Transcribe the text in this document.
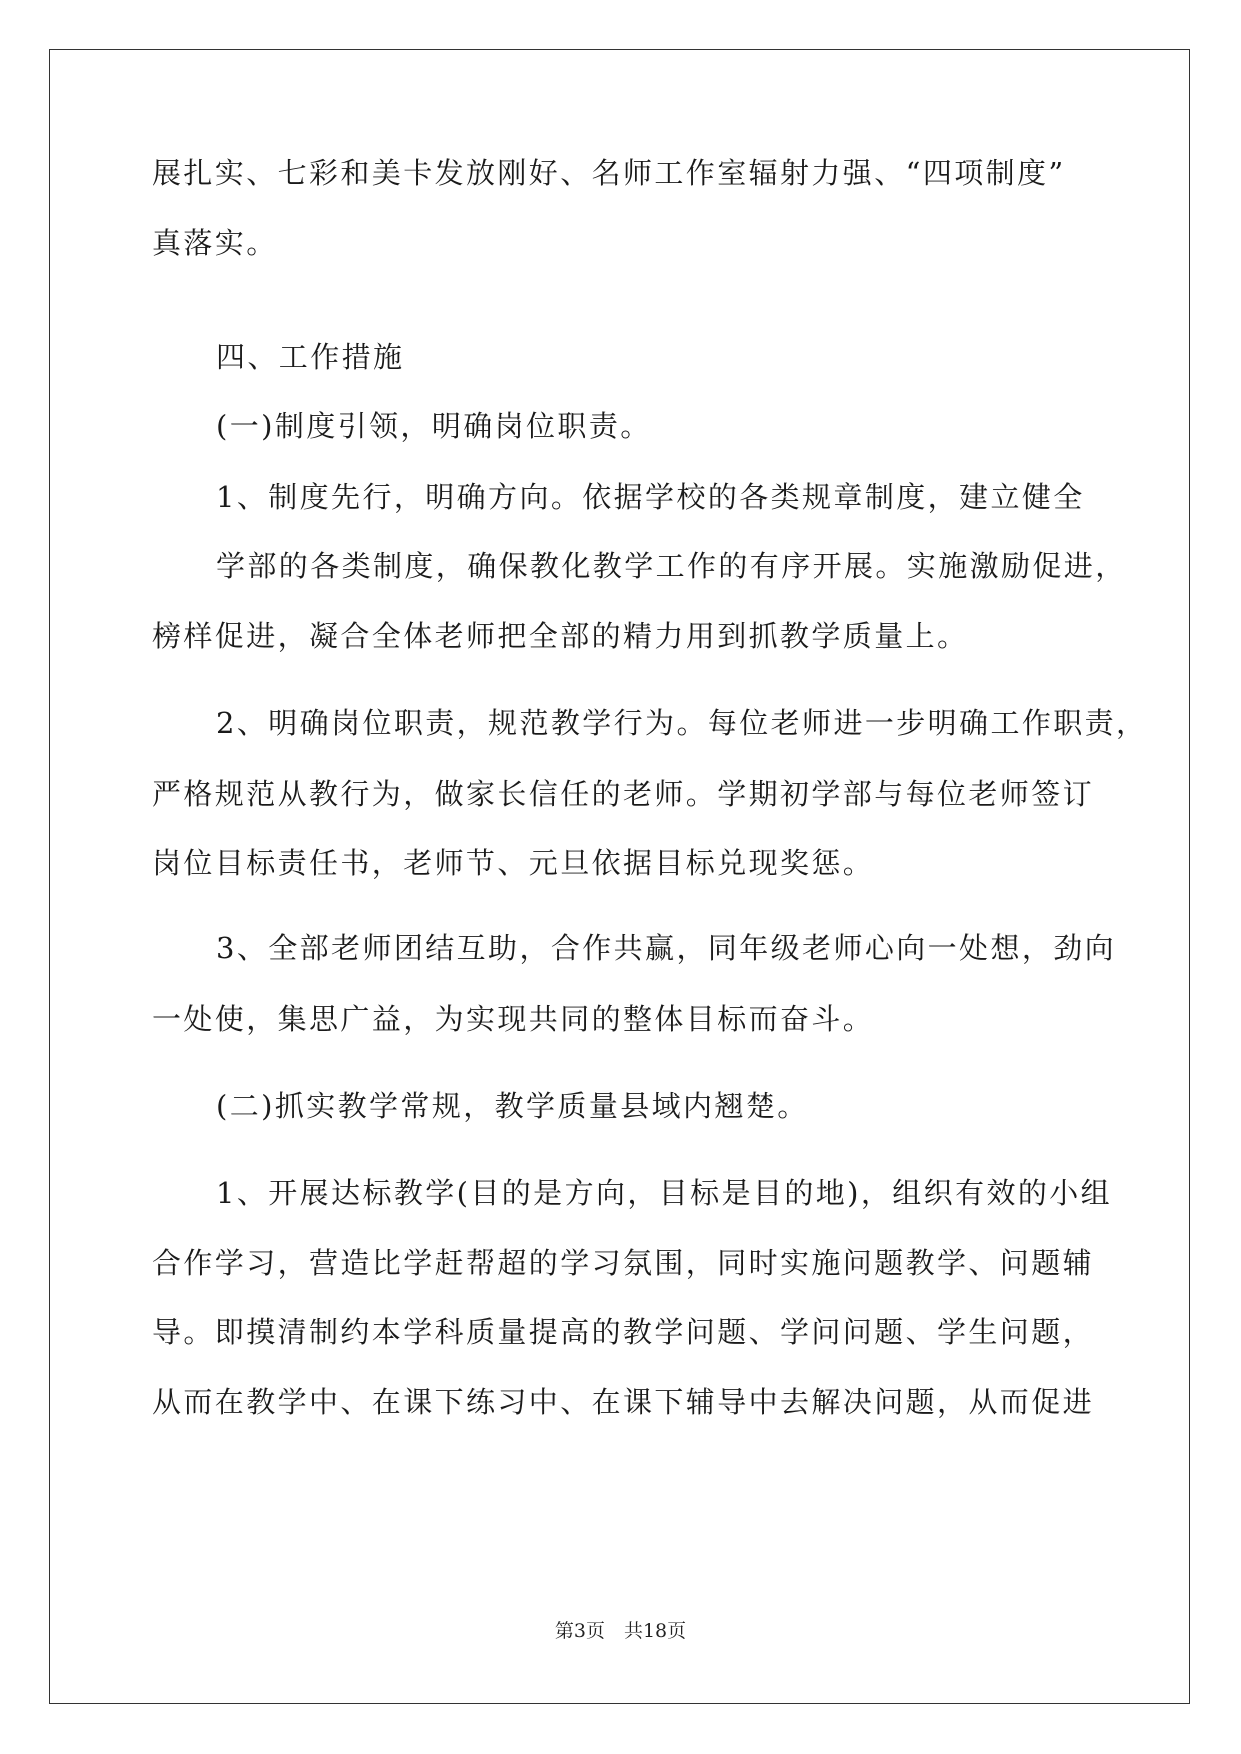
展扎实、七彩和美卡发放刚好、名师工作室辐射力强、“四项制度”
真落实。
四、工作措施
(一)制度引领，明确岗位职责。
1、制度先行，明确方向。依据学校的各类规章制度，建立健全
学部的各类制度，确保教化教学工作的有序开展。实施激励促进，
榜样促进，凝合全体老师把全部的精力用到抓教学质量上。
2、明确岗位职责，规范教学行为。每位老师进一步明确工作职责，
严格规范从教行为，做家长信任的老师。学期初学部与每位老师签订
岗位目标责任书，老师节、元旦依据目标兑现奖惩。
3、全部老师团结互助，合作共赢，同年级老师心向一处想，劲向
一处使，集思广益，为实现共同的整体目标而奋斗。
(二)抓实教学常规，教学质量县域内翘楚。
1、开展达标教学(目的是方向，目标是目的地)，组织有效的小组
合作学习，营造比学赶帮超的学习氛围，同时实施问题教学、问题辅
导。即摸清制约本学科质量提高的教学问题、学问问题、学生问题，
从而在教学中、在课下练习中、在课下辅导中去解决问题，从而促进
第3页　共18页
